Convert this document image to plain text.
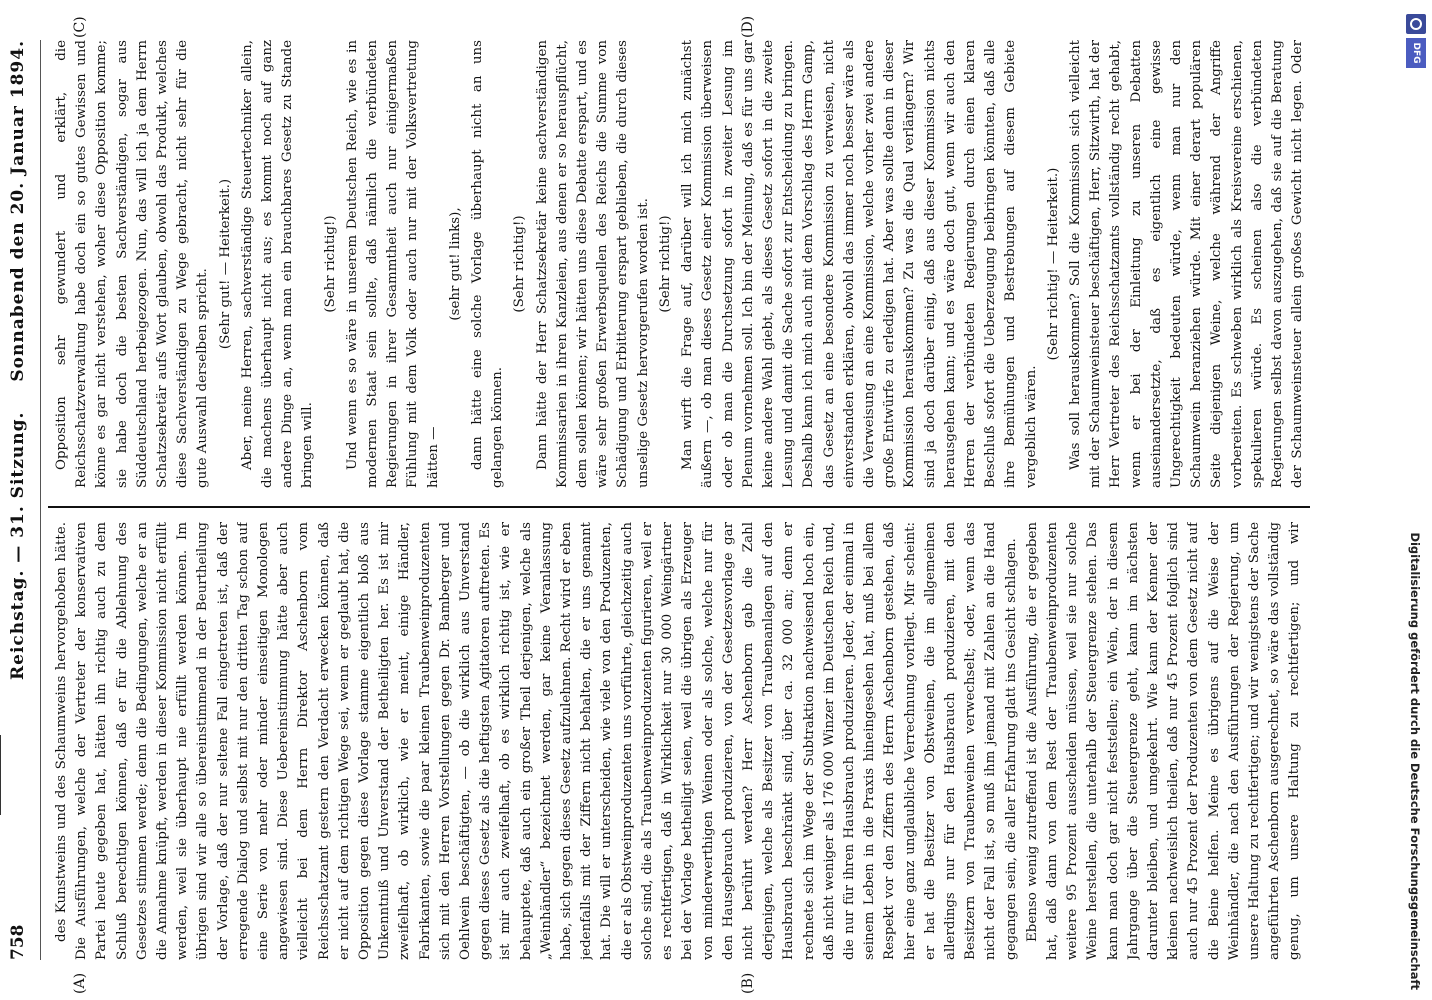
758
Reichstag. — 31. Sitzung.
Sonnabend den 20. Januar 1894.
(A)	(B)
(C)	(D)

des Kunstweins und des Schaumweins hervorgehoben hätte. Die Ausführungen, welche der Vertreter der konservativen Partei heute gegeben hat, hätten ihn richtig auch zu dem Schluß berechtigen können, daß er für die Ablehnung des Gesetzes stimmen werde; denn die Bedingungen, welche er an die Annahme knüpft, werden in dieser Kommission nicht erfüllt werden, weil sie überhaupt nie erfüllt werden können. Im übrigen sind wir alle so übereinstimmend in der Beurtheilung der Vorlage, daß der nur seltene Fall eingetreten ist, daß der erregende Dialog und selbst mit nur den dritten Tag schon auf eine Serie von mehr oder minder einseitigen Monologen angewiesen sind. Diese Uebereinstimmung hätte aber auch vielleicht bei dem Herrn Direktor Aschenborn vom Reichsschatzamt gestern den Verdacht erwecken können, daß er nicht auf dem richtigen Wege sei, wenn er geglaubt hat, die Opposition gegen diese Vorlage stamme eigentlich bloß aus Unkenntniß und Unverstand der Betheiligten her. Es ist mir zweifelhaft, ob wirklich, wie er meint, einige Händler, Fabrikanten, sowie die paar kleinen Traubenweinproduzenten sich mit den Herren Vorstellungen gegen Dr. Bamberger und Oehlwein beschäftigten, — ob die wirklich aus Unverstand gegen dieses Gesetz als die heftigsten Agitatoren auftreten. Es ist mir auch zweifelhaft, ob es wirklich richtig ist, wie er behauptete, daß auch ein großer Theil derjenigen, welche als „Weinhändler“ bezeichnet werden, gar keine Veranlassung habe, sich gegen dieses Gesetz aufzulehnen. Recht wird er eben jedenfalls mit der Ziffern nicht behalten, die er uns genannt hat. Die will er unterscheiden, wie viele von den Produzenten, die er als Obstweinproduzenten uns vorführte, gleichzeitig auch solche sind, die als Traubenweinproduzenten figurieren, weil er es rechtfertigen, daß in Wirklichkeit nur 30 000 Weingärtner bei der Vorlage betheiligt seien, weil die übrigen als Erzeuger von minderwerthigen Weinen oder als solche, welche nur für den Hausgebrauch produzieren, von der Gesetzesvorlage gar nicht berührt werden? Herr Aschenborn gab die Zahl derjenigen, welche als Besitzer von Traubenanlagen auf den Hausbrauch beschränkt sind, über ca. 32 000 an; denn er rechnete sich im Wege der Subtraktion nachweisend hoch ein, daß nicht weniger als 176 000 Winzer im Deutschen Reich und, die nur für ihren Hausbrauch produzieren. Jeder, der einmal in seinem Leben in die Praxis hineingesehen hat, muß bei allem Respekt vor den Ziffern des Herrn Aschenborn gestehen, daß hier eine ganz unglaubliche Verrechnung vorliegt. Mir scheint: er hat die Besitzer von Obstweinen, die im allgemeinen allerdings nur für den Hausbrauch produzieren, mit den Besitzern von Traubenweinen verwechselt; oder, wenn das nicht der Fall ist, so muß ihm jemand mit Zahlen an die Hand gegangen sein, die aller Erfahrung glatt ins Gesicht schlagen. Ebenso wenig zutreffend ist die Ausführung, die er gegeben hat, daß dann von dem Rest der Traubenweinproduzenten weitere 95 Prozent ausscheiden müssen, weil sie nur solche Weine herstellen, die unterhalb der Steuergrenze stehen. Das kann man doch gar nicht feststellen; ein Wein, der in diesem Jahrgange über die Steuergrenze geht, kann im nächsten darunter bleiben, und umgekehrt. Wie kann der Kenner der kleinen nachweislich theilen, daß nur 45 Prozent folglich sind auch nur 45 Prozent der Produzenten von dem Gesetz nicht auf die Beine helfen. Meine es übrigens auf die Weise der Weinhändler, die nach den Ausführungen der Regierung, um unsere Haltung zu rechtfertigen; und wir wenigstens der Sache angeführten Aschenborn ausgerechnet, so wäre das vollständig genug, um unsere Haltung zu rechtfertigen; und wir

Opposition sehr gewundert und erklärt, die Reichsschatzverwaltung habe doch ein so gutes Gewissen und könne es gar nicht verstehen, woher diese Opposition komme; sie habe doch die besten Sachverständigen, sogar aus Süddeutschland herbeigezogen. Nun, das will ich ja dem Herrn Schatzsekretär aufs Wort glauben, obwohl das Produkt, welches diese Sachverständigen zu Wege gebracht, nicht sehr für die gute Auswahl derselben spricht.

(Sehr gut! — Heiterkeit.) Aber, meine Herren, sachverständige Steuertechniker allein, die machens überhaupt nicht aus; es kommt noch auf ganz andere Dinge an, wenn man ein brauchbares Gesetz zu Stande bringen will.

(Sehr richtig!) Und wenn es so wäre in unserem Deutschen Reich, wie es in modernen Staat sein sollte, daß nämlich die verbündeten Regierungen in ihrer Gesammtheit auch nur einigermaßen Fühlung mit dem Volk oder auch nur mit der Volksvertretung hätten —

(sehr gut! links), dann hätte eine solche Vorlage überhaupt nicht an uns gelangen können.

(Sehr richtig!) Dann hätte der Herr Schatzsekretär keine sachverständigen Kommissarien in ihren Kanzleien, aus denen er so herauspflücht, dem sollen können; wir hätten uns diese Debatte erspart, und es wäre sehr großen Erwerbsquellen des Reichs die Summe von Schädigung und Erbitterung erspart geblieben, die durch dieses unselige Gesetz hervorgerufen worden ist. (Sehr richtig!) Man wirft die Frage auf, darüber will ich mich zunächst äußern —, ob man dieses Gesetz einer Kommission überweisen oder ob man die Durchsetzung sofort in zweiter Lesung im Plenum vornehmen soll. Ich bin der Meinung, daß es für uns gar keine andere Wahl giebt, als dieses Gesetz sofort in die zweite Lesung und damit die Sache sofort zur Entscheidung zu bringen. Deshalb kann ich mich auch mit dem Vorschlag des Herrn Gamp, das Gesetz an eine besondere Kommission zu verweisen, nicht einverstanden erklären, obwohl das immer noch besser wäre als die Verweisung an eine Kommission, welche vorher zwei andere große Entwürfe zu erledigen hat. Aber was sollte denn in dieser Kommission herauskommen? Zu was die Qual verlängern? Wir sind ja doch darüber einig, daß aus dieser Kommission nichts herausgehen kann; und es wäre doch gut, wenn wir auch den Herren der verbündeten Regierungen durch einen klaren Beschluß sofort die Ueberzeugung beibringen könnten, daß alle ihre Bemühungen und Bestrebungen auf diesem Gebiete vergeblich wären.

(Sehr richtig! — Heiterkeit.)

Was soll herauskommen? Soll die Kommission sich vielleicht mit der Schaumweinsteuer beschäftigen, Herr, Sitzwirth, hat der Herr Vertreter des Reichsschatzamts vollständig recht gehabt, wenn er bei der Einleitung zu unseren Debatten auseinandersetzte, daß es eigentlich eine gewisse Ungerechtigkeit bedeuten würde, wenn man nur den Schaumwein heranziehen würde. Mit einer derart populären Seite diejenigen Weine, welche während der Angriffe vorbereiten. Es schweben wirklich als Kreisvereine erschienen, spekulieren würde. Es scheinen also die verbündeten Regierungen selbst davon auszugehen, daß sie auf die Beratung der Schaumweinsteuer allein großes Gewicht nicht legen. Oder

Digitalisierung gefördert durch die Deutsche Forschungsgemeinschaft
DFG
